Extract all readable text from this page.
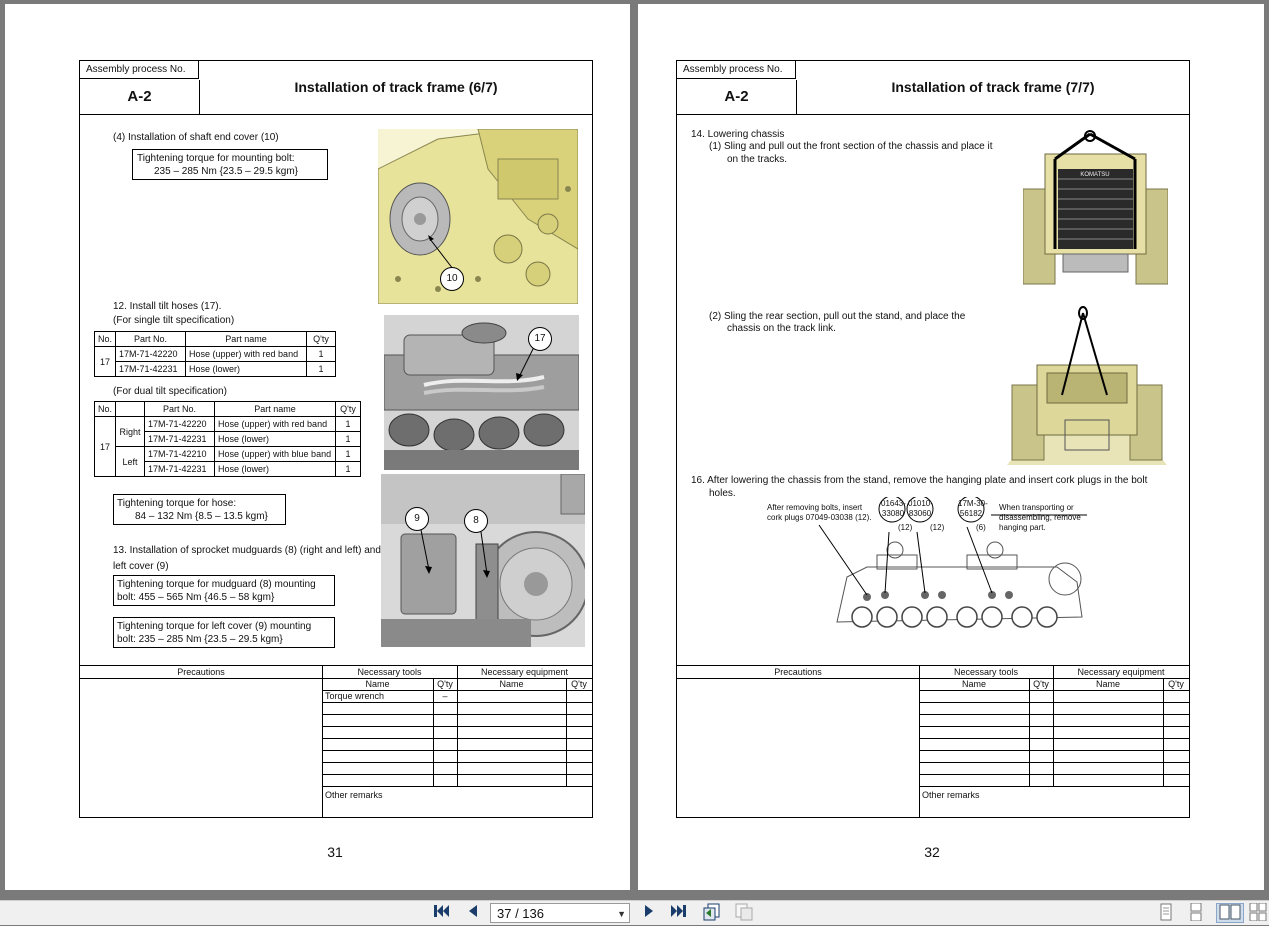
Assembly process No.
A-2
Installation of track frame (6/7)
(4) Installation of shaft end cover (10)
Tightening torque for mounting bolt:
235 – 285 Nm {23.5 – 29.5 kgm}
10
12. Install tilt hoses (17).
(For single tilt specification)
No.	Part No.	Part name	Q'ty
17	17M-71-42220	Hose (upper) with red band	1
	17M-71-42231	Hose (lower)	1
(For dual tilt specification)
No.		Part No.	Part name	Q'ty
17	Right	17M-71-42220	Hose (upper) with red band	1
		17M-71-42231	Hose (lower)	1
	Left	17M-71-42210	Hose (upper) with blue band	1
		17M-71-42231	Hose (lower)	1
17
Tightening torque for hose:
84 – 132 Nm {8.5 – 13.5 kgm}
13. Installation of sprocket mudguards (8) (right and left) and
left cover (9)
Tightening torque for mudguard (8) mounting
bolt: 455 – 565 Nm {46.5 – 58 kgm}
Tightening torque for left cover (9) mounting
bolt: 235 – 285 Nm {23.5 – 29.5 kgm}
9	8
Precautions	Necessary tools	Necessary equipment
Name	Q'ty	Name	Q'ty
Torque wrench	–
Other remarks
31
Assembly process No.
A-2
Installation of track frame (7/7)
14. Lowering chassis
(1) Sling and pull out the front section of the chassis and place it
on the tracks.
KOMATSU
(2) Sling the rear section, pull out the stand, and place the
chassis on the track link.
16. After lowering the chassis from the stand, remove the hanging plate and insert cork plugs in the bolt
holes.
After removing bolts, insert
cork plugs 07049-03038 (12).
01643-
33080
01010-
83060
17M-30-
56182
(12) (12)	(6)
When transporting or
disassembling, remove
hanging part.
Precautions	Necessary tools	Necessary equipment
Name	Q'ty	Name	Q'ty
Other remarks
32
37 / 136	▼
